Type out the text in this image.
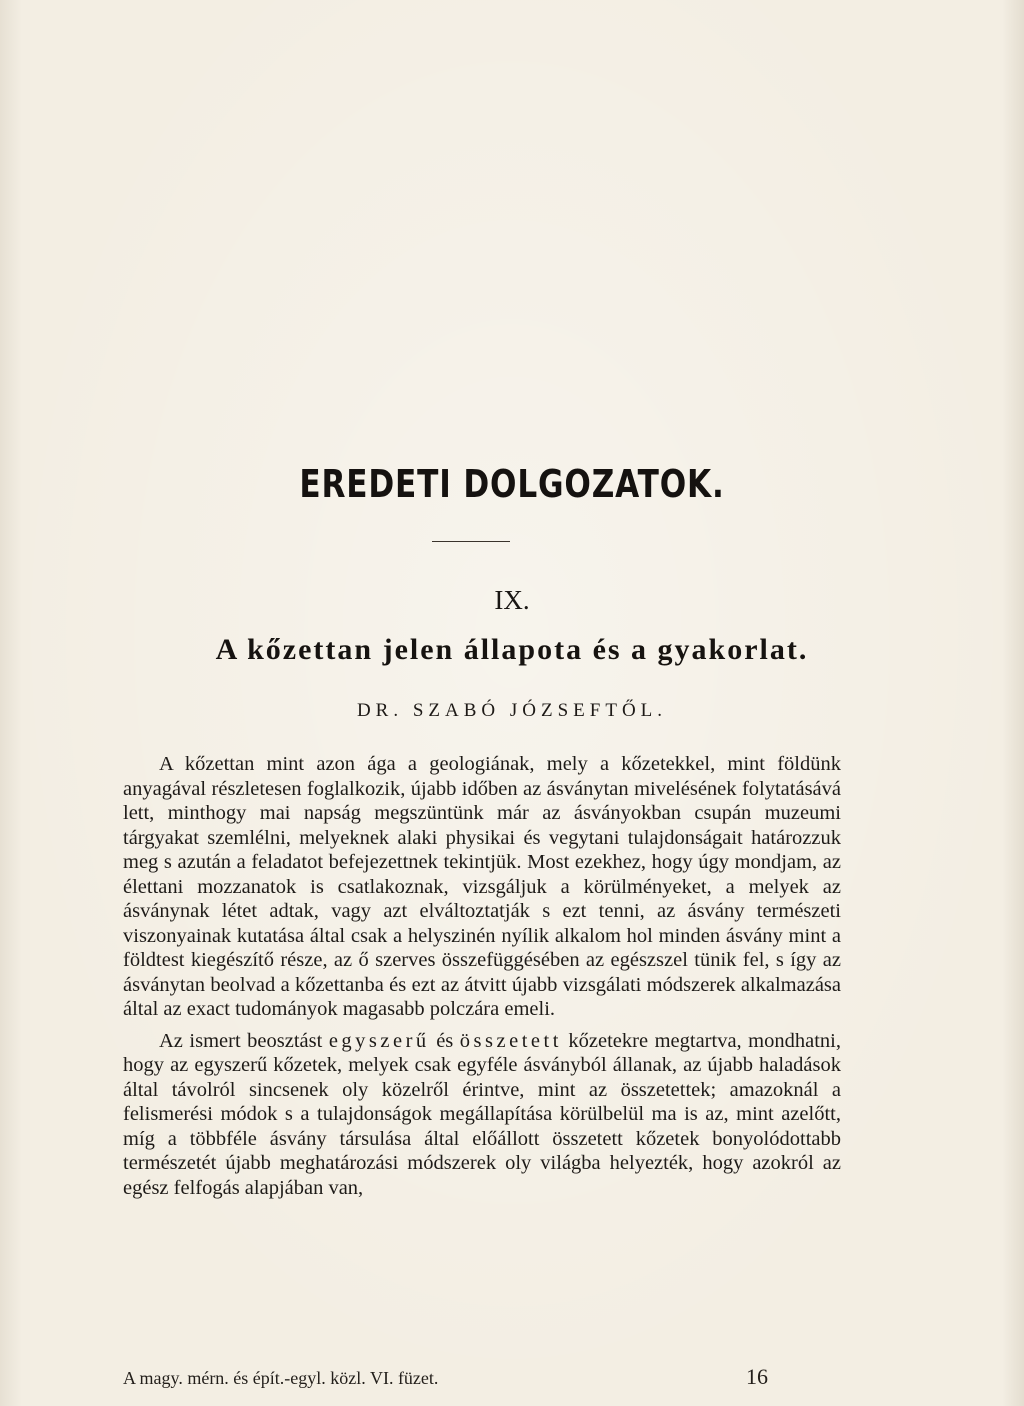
EREDETI DOLGOZATOK.
IX.
A kőzettan jelen állapota és a gyakorlat.
DR. SZABÓ JÓZSEFTŐL.

A kőzettan mint azon ága a geologiának, mely a kőzetekkel, mint földünk anyagával részletesen foglalkozik, újabb időben az ásványtan mivelésének folytatásává lett, minthogy mai napság megszüntünk már az ásványokban csupán muzeumi tárgyakat szemlélni, melyeknek alaki physikai és vegytani tulajdonságait határozzuk meg s azután a feladatot befejezettnek tekintjük. Most ezekhez, hogy úgy mondjam, az élettani mozzanatok is csatlakoznak, vizsgáljuk a körülményeket, a melyek az ásványnak létet adtak, vagy azt elváltoztatják s ezt tenni, az ásvány természeti viszonyainak kutatása által csak a helyszinén nyílik alkalom hol minden ásvány mint a földtest kiegészítő része, az ő szerves összefüggésében az egészszel tünik fel, s így az ásványtan beolvad a kőzettanba és ezt az átvitt újabb vizsgálati módszerek alkalmazása által az exact tudományok magasabb polczára emeli.

Az ismert beosztást egyszerű és összetett kőzetekre megtartva, mondhatni, hogy az egyszerű kőzetek, melyek csak egyféle ásványból állanak, az újabb haladások által távolról sincsenek oly közelről érintve, mint az összetettek; amazoknál a felismerési módok s a tulajdonságok megállapítása körülbelül ma is az, mint azelőtt, míg a többféle ásvány társulása által előállott összetett kőzetek bonyolódottabb természetét újabb meghatározási módszerek oly világba helyezték, hogy azokról az egész felfogás alapjában van,

A magy. mérn. és épít.-egyl. közl. VI. füzet.	16
